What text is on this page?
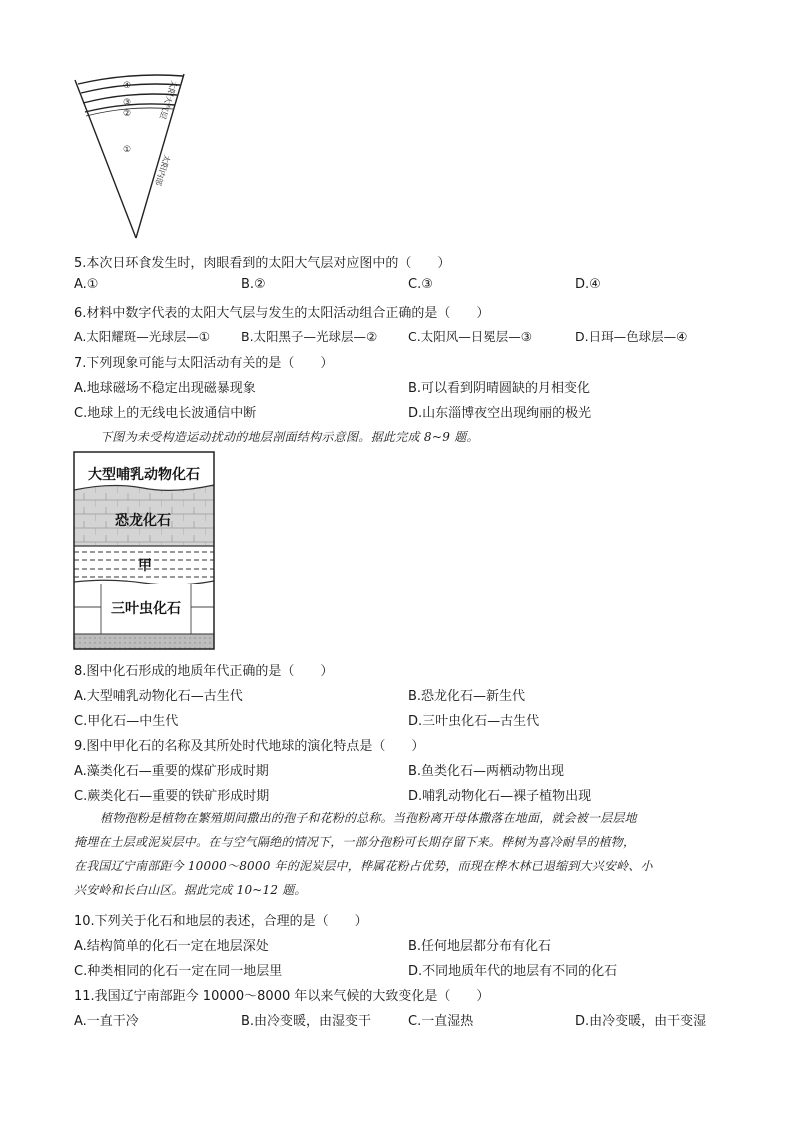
④
③
②
①
太阳大气层
太阳内部
5.本次日环食发生时，肉眼看到的太阳大气层对应图中的（　　）
A.①	B.②	C.③	D.④
6.材料中数字代表的太阳大气层与发生的太阳活动组合正确的是（　　）
A.太阳耀斑—光球层—① B.太阳黑子—光球层—② C.太阳风—日冕层—③	D.日珥—色球层—④
7.下列现象可能与太阳活动有关的是（　　）
A.地球磁场不稳定出现磁暴现象	B.可以看到阴晴圆缺的月相变化
C.地球上的无线电长波通信中断	D.山东淄博夜空出现绚丽的极光
下图为未受构造运动扰动的地层剖面结构示意图。据此完成 8~9 题。
大型哺乳动物化石
恐龙化石
甲
三叶虫化石
8.图中化石形成的地质年代正确的是（　　）
A.大型哺乳动物化石—古生代	B.恐龙化石—新生代
C.甲化石—中生代	D.三叶虫化石—古生代
9.图中甲化石的名称及其所处时代地球的演化特点是（　　）
A.藻类化石—重要的煤矿形成时期	B.鱼类化石—两栖动物出现
C.蕨类化石—重要的铁矿形成时期	D.哺乳动物化石—裸子植物出现
植物孢粉是植物在繁殖期间撒出的孢子和花粉的总称。当孢粉离开母体撒落在地面，就会被一层层地
掩埋在土层或泥炭层中。在与空气隔绝的情况下，一部分孢粉可长期存留下来。桦树为喜冷耐旱的植物，
在我国辽宁南部距今 10000～8000 年的泥炭层中，桦属花粉占优势，而现在桦木林已退缩到大兴安岭、小
兴安岭和长白山区。据此完成 10~12 题。
10.下列关于化石和地层的表述，合理的是（　　）
A.结构简单的化石一定在地层深处	B.任何地层都分布有化石
C.种类相同的化石一定在同一地层里	D.不同地质年代的地层有不同的化石
11.我国辽宁南部距今 10000～8000 年以来气候的大致变化是（　　）
A.一直干冷	B.由冷变暖，由湿变干	C.一直湿热	D.由冷变暖，由干变湿
